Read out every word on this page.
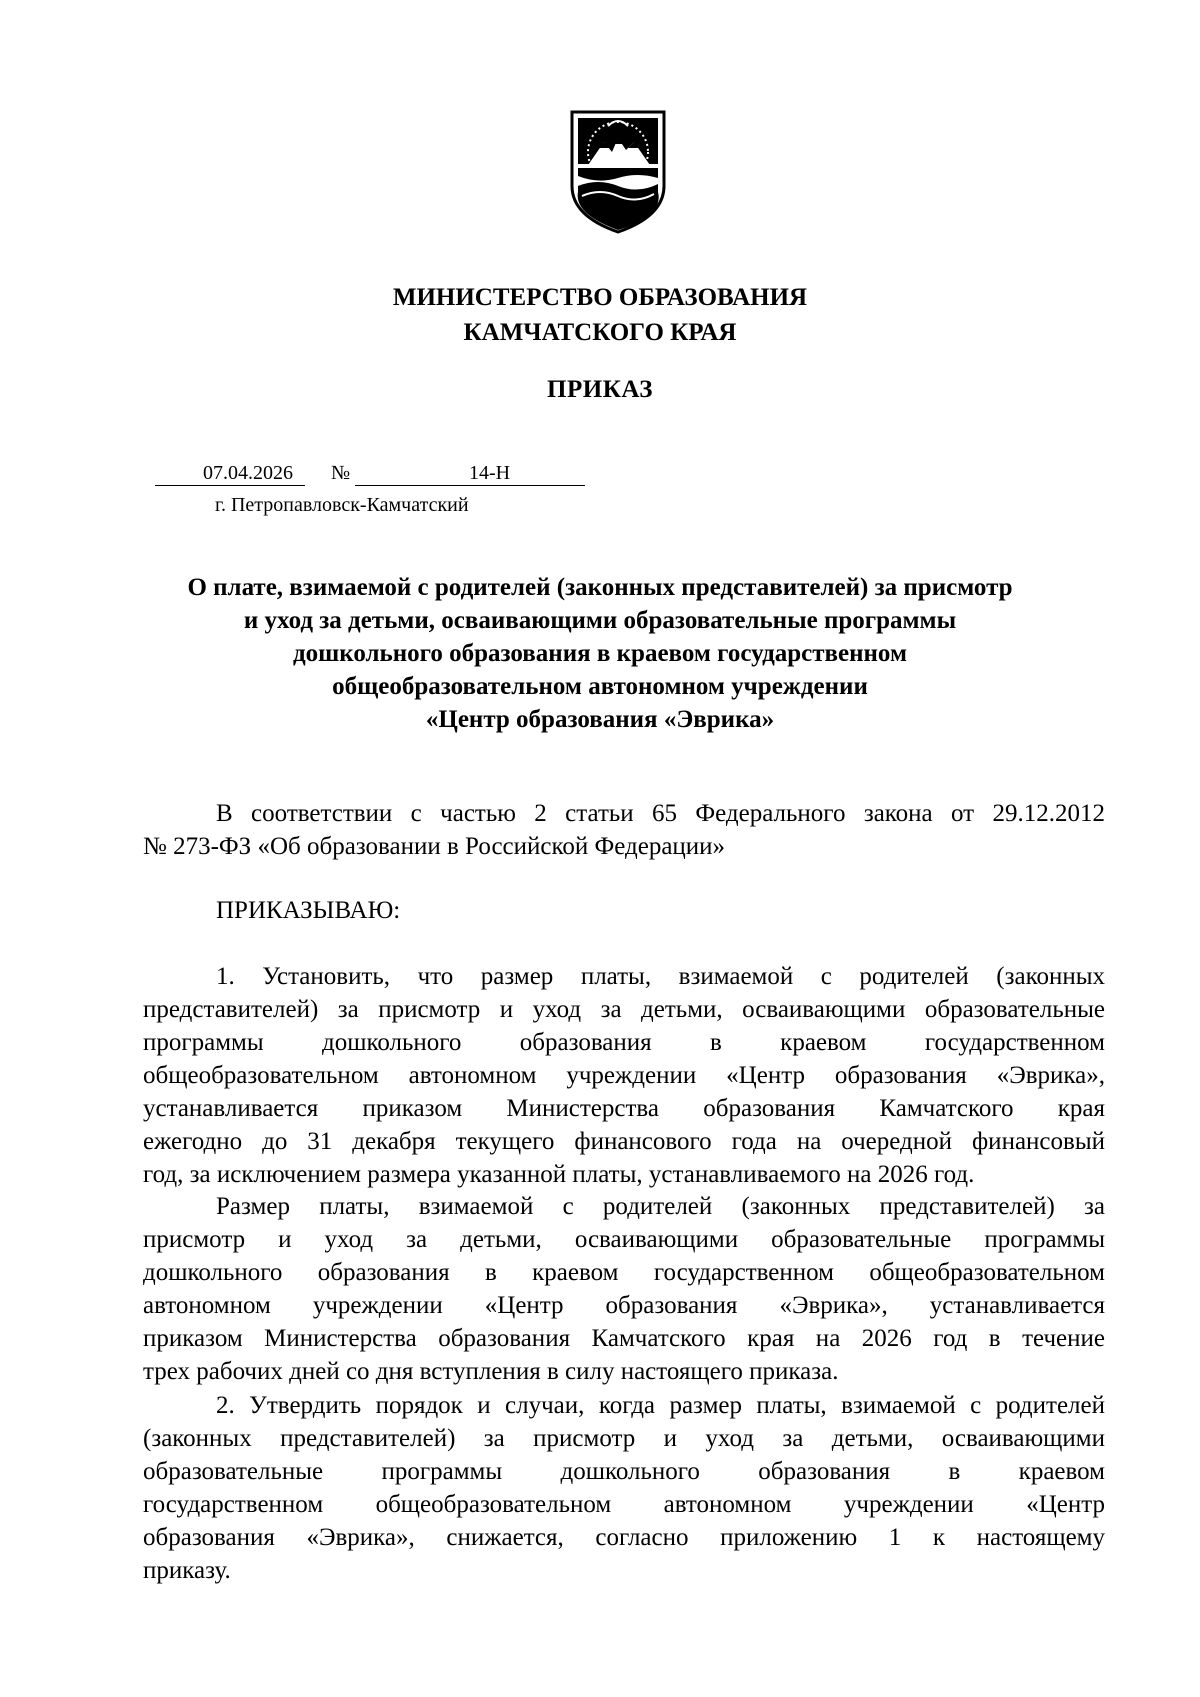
МИНИСТЕРСТВО ОБРАЗОВАНИЯ
КАМЧАТСКОГО КРАЯ
ПРИКАЗ
07.04.2026	№	14-Н
г. Петропавловск-Камчатский
О плате, взимаемой с родителей (законных представителей) за присмотр
и уход за детьми, осваивающими образовательные программы
дошкольного образования в краевом государственном
общеобразовательном автономном учреждении
«Центр образования «Эврика»
В соответствии с частью 2 статьи 65 Федерального закона от 29.12.2012
№ 273-ФЗ «Об образовании в Российской Федерации»
ПРИКАЗЫВАЮ:
1. Установить, что размер платы, взимаемой с родителей (законных
представителей) за присмотр и уход за детьми, осваивающими образовательные
программы дошкольного образования в краевом государственном
общеобразовательном автономном учреждении «Центр образования «Эврика»,
устанавливается приказом Министерства образования Камчатского края
ежегодно до 31 декабря текущего финансового года на очередной финансовый
год, за исключением размера указанной платы, устанавливаемого на 2026 год.
Размер платы, взимаемой с родителей (законных представителей) за
присмотр и уход за детьми, осваивающими образовательные программы
дошкольного образования в краевом государственном общеобразовательном
автономном учреждении «Центр образования «Эврика», устанавливается
приказом Министерства образования Камчатского края на 2026 год в течение
трех рабочих дней со дня вступления в силу настоящего приказа.
2. Утвердить порядок и случаи, когда размер платы, взимаемой с родителей
(законных представителей) за присмотр и уход за детьми, осваивающими
образовательные программы дошкольного образования в краевом
государственном общеобразовательном автономном учреждении «Центр
образования «Эврика», снижается, согласно приложению 1 к настоящему
приказу.
